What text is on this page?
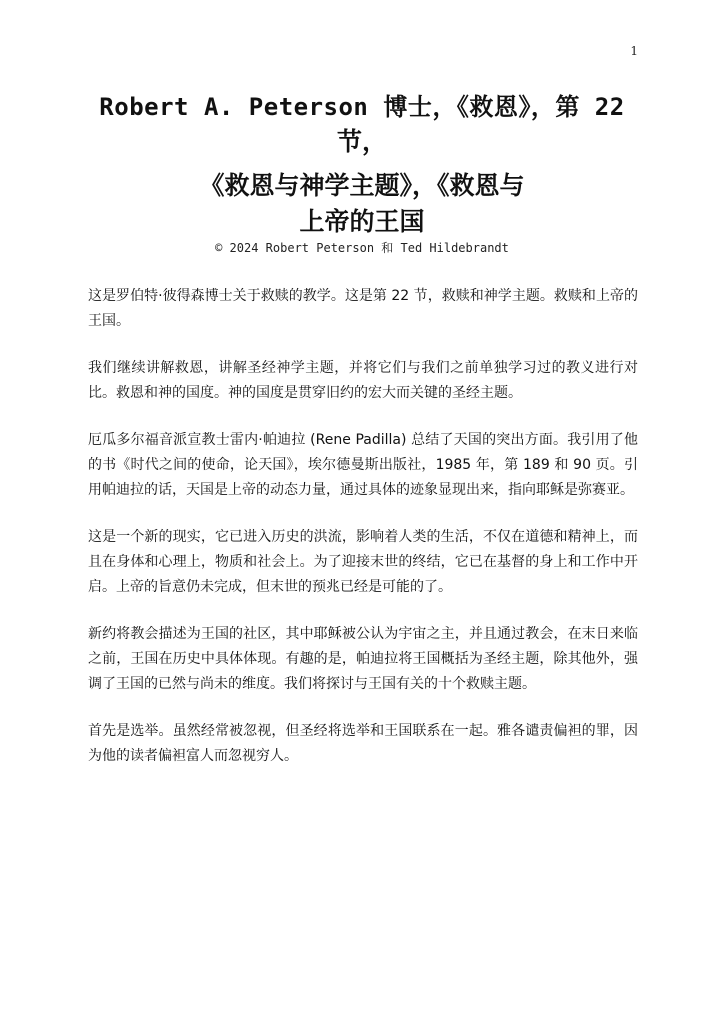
1

Robert A. Peterson 博士，《救恩》，第 22

节，

《救恩与神学主题》，《救恩与

上帝的王国

© 2024 Robert Peterson 和 Ted Hildebrandt

这是罗伯特·彼得森博士关于救赎的教学。这是第 22 节，救赎和神学主题。救赎和上帝的王国。

我们继续讲解救恩，讲解圣经神学主题，并将它们与我们之前单独学习过的教义进行对比。救恩和神的国度。神的国度是贯穿旧约的宏大而关键的圣经主题。

厄瓜多尔福音派宣教士雷内·帕迪拉 (Rene Padilla) 总结了天国的突出方面。我引用了他的书《时代之间的使命，论天国》，埃尔德曼斯出版社，1985 年，第 189 和 90 页。引用帕迪拉的话，天国是上帝的动态力量，通过具体的迹象显现出来，指向耶稣是弥赛亚。

这是一个新的现实，它已进入历史的洪流，影响着人类的生活，不仅在道德和精神上，而且在身体和心理上，物质和社会上。为了迎接末世的终结，它已在基督的身上和工作中开启。上帝的旨意仍未完成，但末世的预兆已经是可能的了。

新约将教会描述为王国的社区，其中耶稣被公认为宇宙之主，并且通过教会，在末日来临之前，王国在历史中具体体现。有趣的是，帕迪拉将王国概括为圣经主题，除其他外，强调了王国的已然与尚未的维度。我们将探讨与王国有关的十个救赎主题。

首先是选举。虽然经常被忽视，但圣经将选举和王国联系在一起。雅各谴责偏袒的罪，因为他的读者偏袒富人而忽视穷人。
